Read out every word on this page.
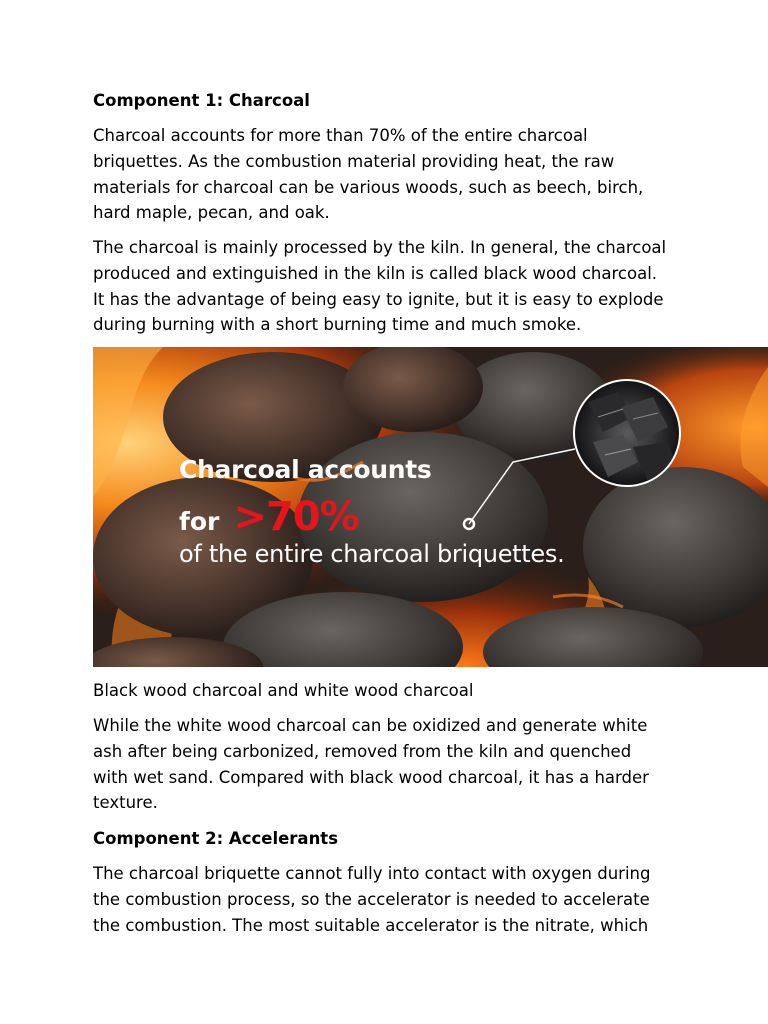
Component 1: Charcoal

Charcoal accounts for more than 70% of the entire charcoal
briquettes. As the combustion material providing heat, the raw
materials for charcoal can be various woods, such as beech, birch,
hard maple, pecan, and oak.

The charcoal is mainly processed by the kiln. In general, the charcoal
produced and extinguished in the kiln is called black wood charcoal.
It has the advantage of being easy to ignite, but it is easy to explode
during burning with a short burning time and much smoke.

Charcoal accounts
for >70%
of the entire charcoal briquettes.

Black wood charcoal and white wood charcoal

While the white wood charcoal can be oxidized and generate white
ash after being carbonized, removed from the kiln and quenched
with wet sand. Compared with black wood charcoal, it has a harder
texture.

Component 2: Accelerants

The charcoal briquette cannot fully into contact with oxygen during
the combustion process, so the accelerator is needed to accelerate
the combustion. The most suitable accelerator is the nitrate, which
